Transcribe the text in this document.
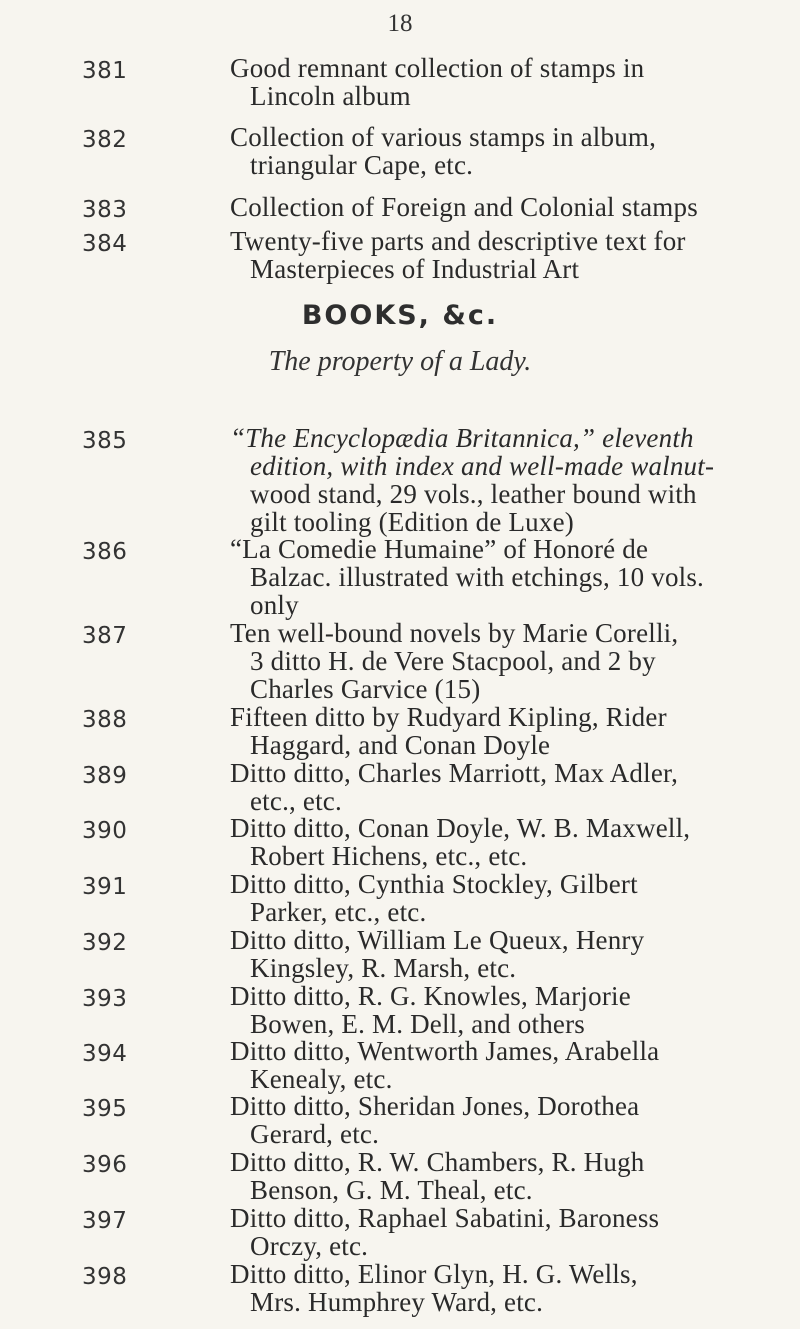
18
381	Good remnant collection of stamps in
Lincoln album
382	Collection of various stamps in album,
triangular Cape, etc.
383	Collection of Foreign and Colonial stamps
384	Twenty-five parts and descriptive text for
Masterpieces of Industrial Art
BOOKS, &c.
The property of a Lady.
385	“The Encyclopædia Britannica,” eleventh
edition, with index and well-made walnut-
wood stand, 29 vols., leather bound with
gilt tooling (Edition de Luxe)
386	“La Comedie Humaine” of Honoré de
Balzac. illustrated with etchings, 10 vols.
only
387	Ten well-bound novels by Marie Corelli,
3 ditto H. de Vere Stacpool, and 2 by
Charles Garvice (15)
388	Fifteen ditto by Rudyard Kipling, Rider
Haggard, and Conan Doyle
389	Ditto ditto, Charles Marriott, Max Adler,
etc., etc.
390	Ditto ditto, Conan Doyle, W. B. Maxwell,
Robert Hichens, etc., etc.
391	Ditto ditto, Cynthia Stockley, Gilbert
Parker, etc., etc.
392	Ditto ditto, William Le Queux, Henry
Kingsley, R. Marsh, etc.
393	Ditto ditto, R. G. Knowles, Marjorie
Bowen, E. M. Dell, and others
394	Ditto ditto, Wentworth James, Arabella
Kenealy, etc.
395	Ditto ditto, Sheridan Jones, Dorothea
Gerard, etc.
396	Ditto ditto, R. W. Chambers, R. Hugh
Benson, G. M. Theal, etc.
397	Ditto ditto, Raphael Sabatini, Baroness
Orczy, etc.
398	Ditto ditto, Elinor Glyn, H. G. Wells,
Mrs. Humphrey Ward, etc.
